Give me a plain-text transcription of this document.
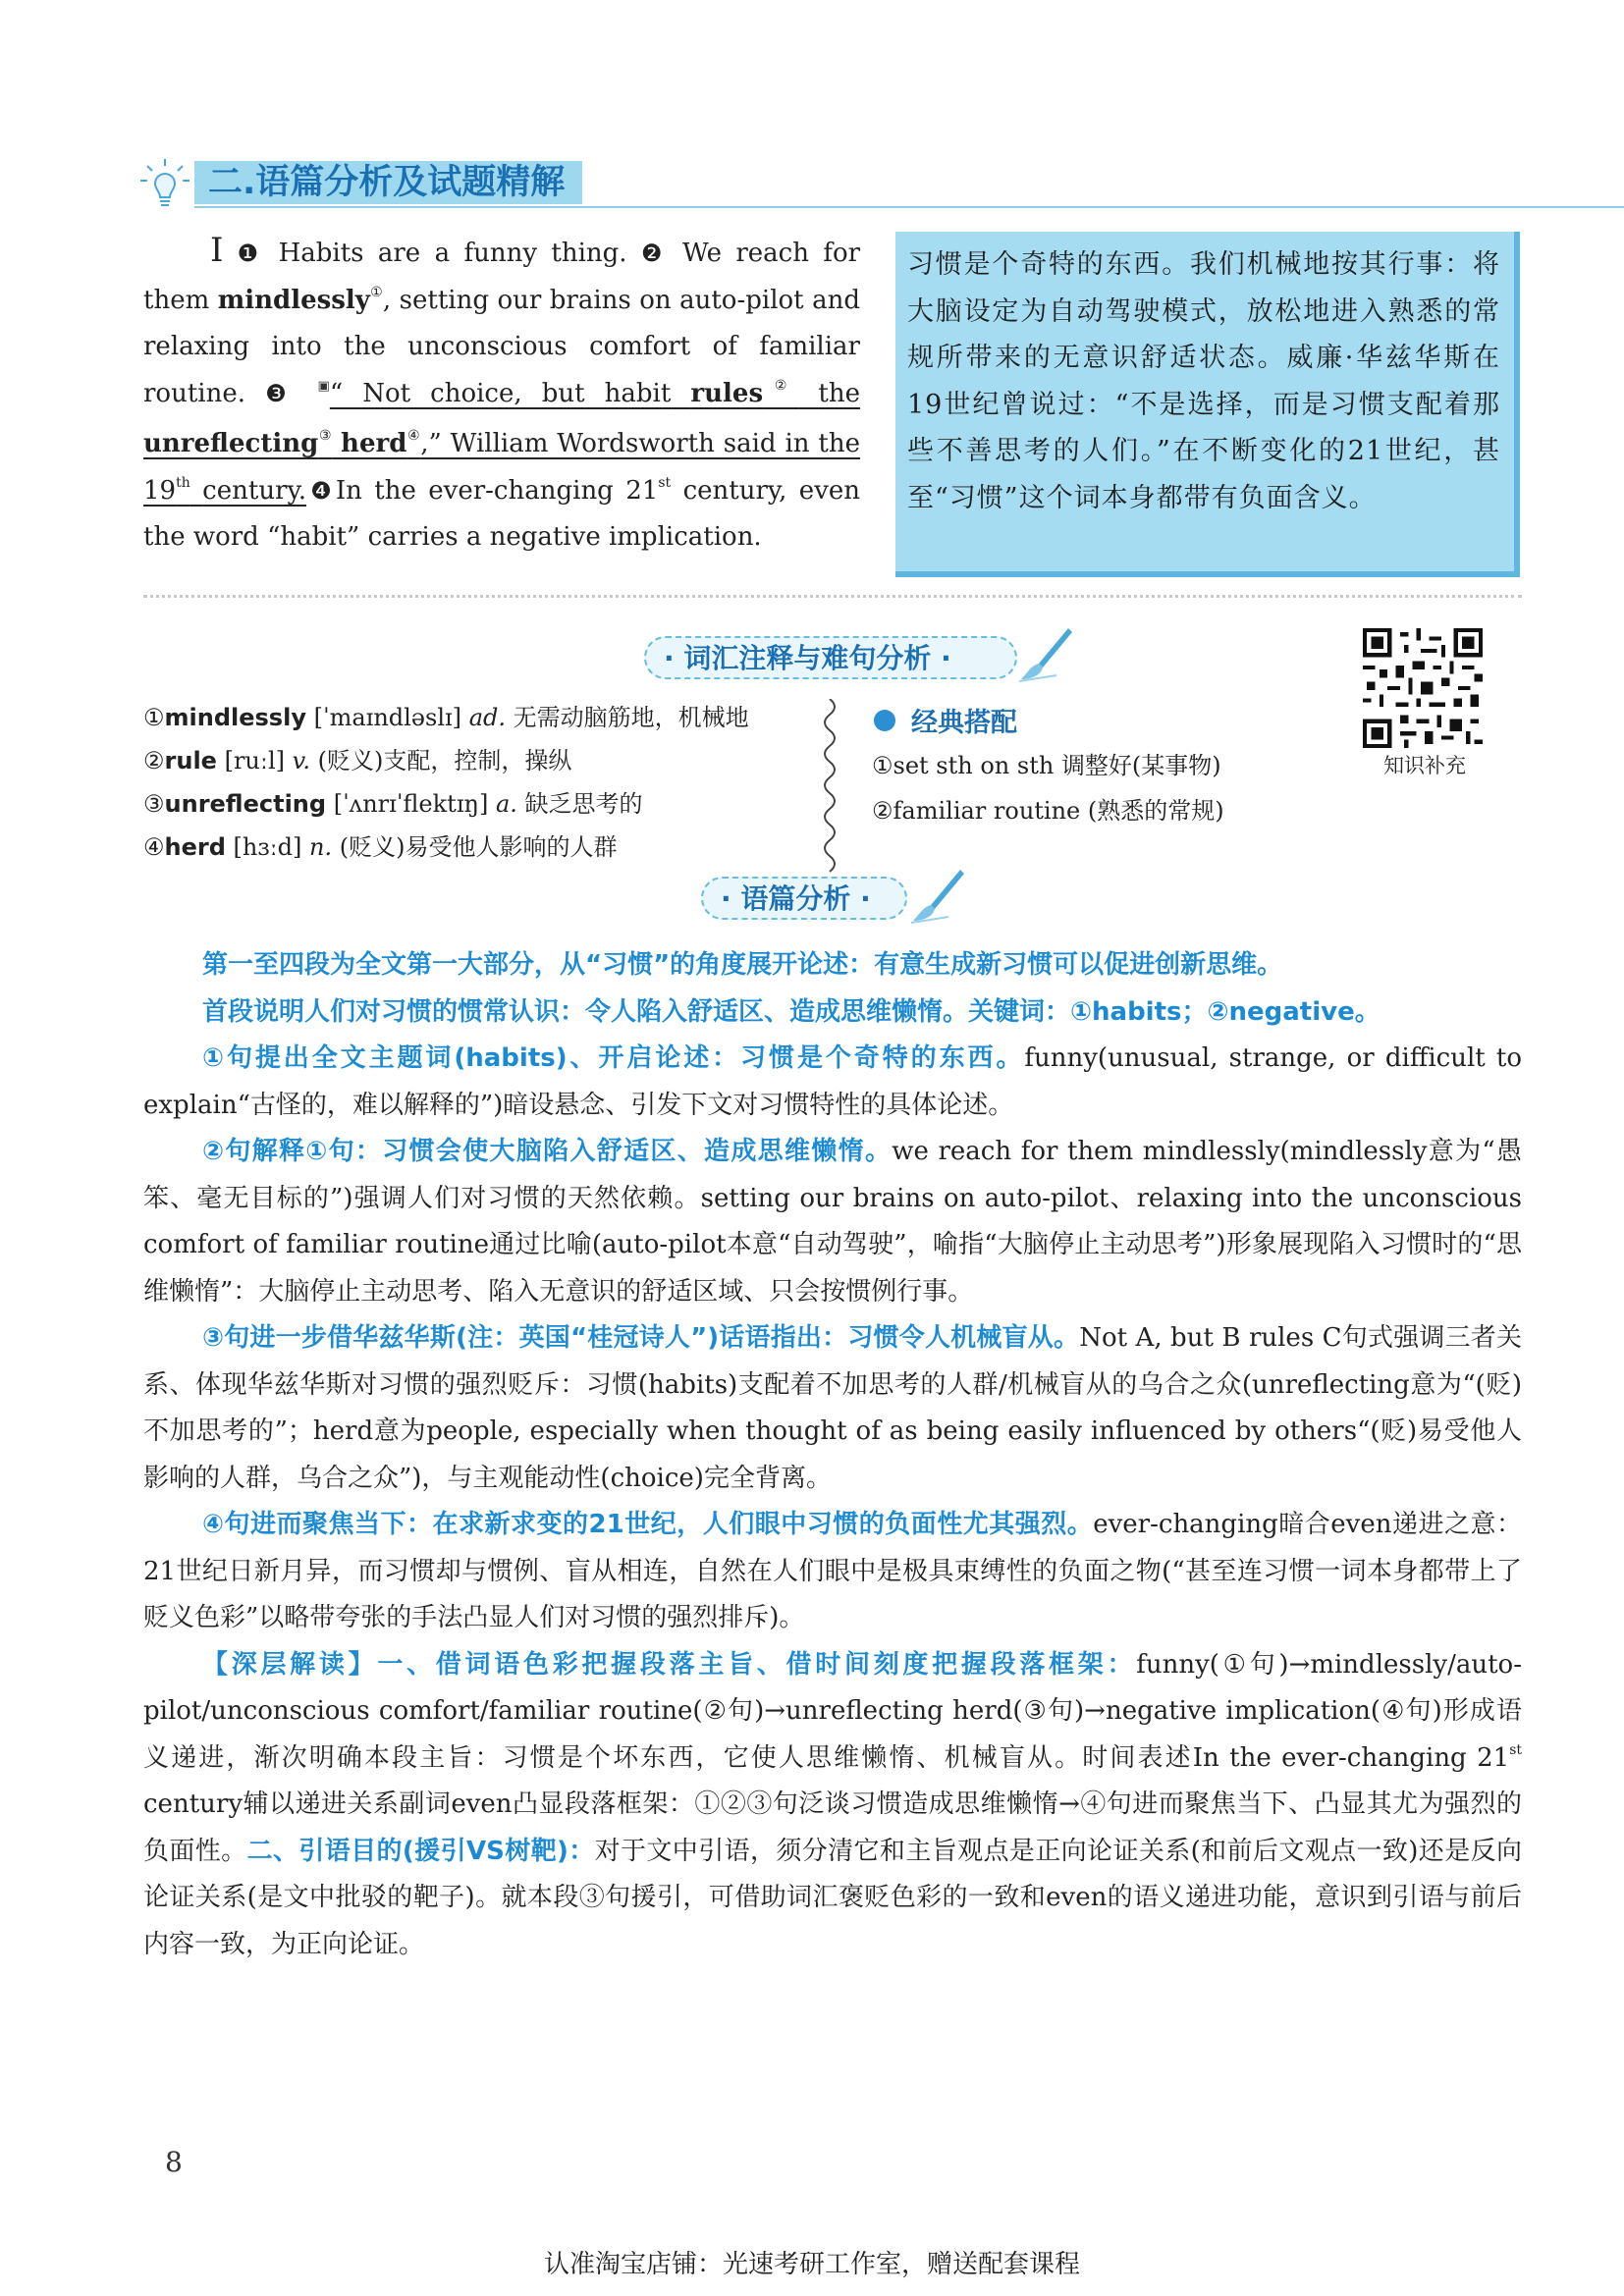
二.语篇分析及试题精解
Ⅰ ❶ Habits are a funny thing. ❷ We reach for them mindlessly①, setting our brains on auto-pilot and relaxing into the unconscious comfort of familiar routine. ❸ ▣“ Not choice, but habit rules② the unreflecting③ herd④,” William Wordsworth said in the 19th century.❹In the ever-changing 21st century, even the word “habit” carries a negative implication.
习惯是个奇特的东西。我们机械地按其行事：将大脑设定为自动驾驶模式，放松地进入熟悉的常规所带来的无意识舒适状态。威廉·华兹华斯在19世纪曾说过：“不是选择，而是习惯支配着那些不善思考的人们。”在不断变化的21世纪，甚至“习惯”这个词本身都带有负面含义。
· 词汇注释与难句分析 ·
知识补充
①mindlessly [ˈmaɪndləslɪ] ad. 无需动脑筋地，机械地
②rule [ruːl] v. (贬义)支配，控制，操纵
③unreflecting [ˈʌnrɪˈflektɪŋ] a. 缺乏思考的
④herd [hɜːd] n. (贬义)易受他人影响的人群
经典搭配
①set sth on sth 调整好(某事物)
②familiar routine (熟悉的常规)
· 语篇分析 ·

第一至四段为全文第一大部分，从“习惯”的角度展开论述：有意生成新习惯可以促进创新思维。

首段说明人们对习惯的惯常认识：令人陷入舒适区、造成思维懒惰。关键词：①habits；②negative。

①句提出全文主题词(habits)、开启论述：习惯是个奇特的东西。funny(unusual, strange, or difficult to explain“古怪的，难以解释的”)暗设悬念、引发下文对习惯特性的具体论述。

②句解释①句：习惯会使大脑陷入舒适区、造成思维懒惰。we reach for them mindlessly(mindlessly意为“愚笨、毫无目标的”)强调人们对习惯的天然依赖。setting our brains on auto-pilot、relaxing into the unconscious comfort of familiar routine通过比喻(auto-pilot本意“自动驾驶”，喻指“大脑停止主动思考”)形象展现陷入习惯时的“思维懒惰”：大脑停止主动思考、陷入无意识的舒适区域、只会按惯例行事。

③句进一步借华兹华斯(注：英国“桂冠诗人”)话语指出：习惯令人机械盲从。Not A, but B rules C句式强调三者关系、体现华兹华斯对习惯的强烈贬斥：习惯(habits)支配着不加思考的人群/机械盲从的乌合之众(unreflecting意为“(贬)不加思考的”；herd意为people, especially when thought of as being easily influenced by others“(贬)易受他人影响的人群，乌合之众”)，与主观能动性(choice)完全背离。

④句进而聚焦当下：在求新求变的21世纪，人们眼中习惯的负面性尤其强烈。ever-changing暗合even递进之意：21世纪日新月异，而习惯却与惯例、盲从相连，自然在人们眼中是极具束缚性的负面之物(“甚至连习惯一词本身都带上了贬义色彩”以略带夸张的手法凸显人们对习惯的强烈排斥)。

【深层解读】一、借词语色彩把握段落主旨、借时间刻度把握段落框架：funny(①句)→mindlessly/auto-pilot/unconscious comfort/familiar routine(②句)→unreflecting herd(③句)→negative implication(④句)形成语义递进，渐次明确本段主旨：习惯是个坏东西，它使人思维懒惰、机械盲从。时间表述In the ever-changing 21st century辅以递进关系副词even凸显段落框架：①②③句泛谈习惯造成思维懒惰→④句进而聚焦当下、凸显其尤为强烈的负面性。二、引语目的(援引VS树靶)：对于文中引语，须分清它和主旨观点是正向论证关系(和前后文观点一致)还是反向论证关系(是文中批驳的靶子)。就本段③句援引，可借助词汇褒贬色彩的一致和even的语义递进功能，意识到引语与前后内容一致，为正向论证。

8
认准淘宝店铺：光速考研工作室，赠送配套课程
